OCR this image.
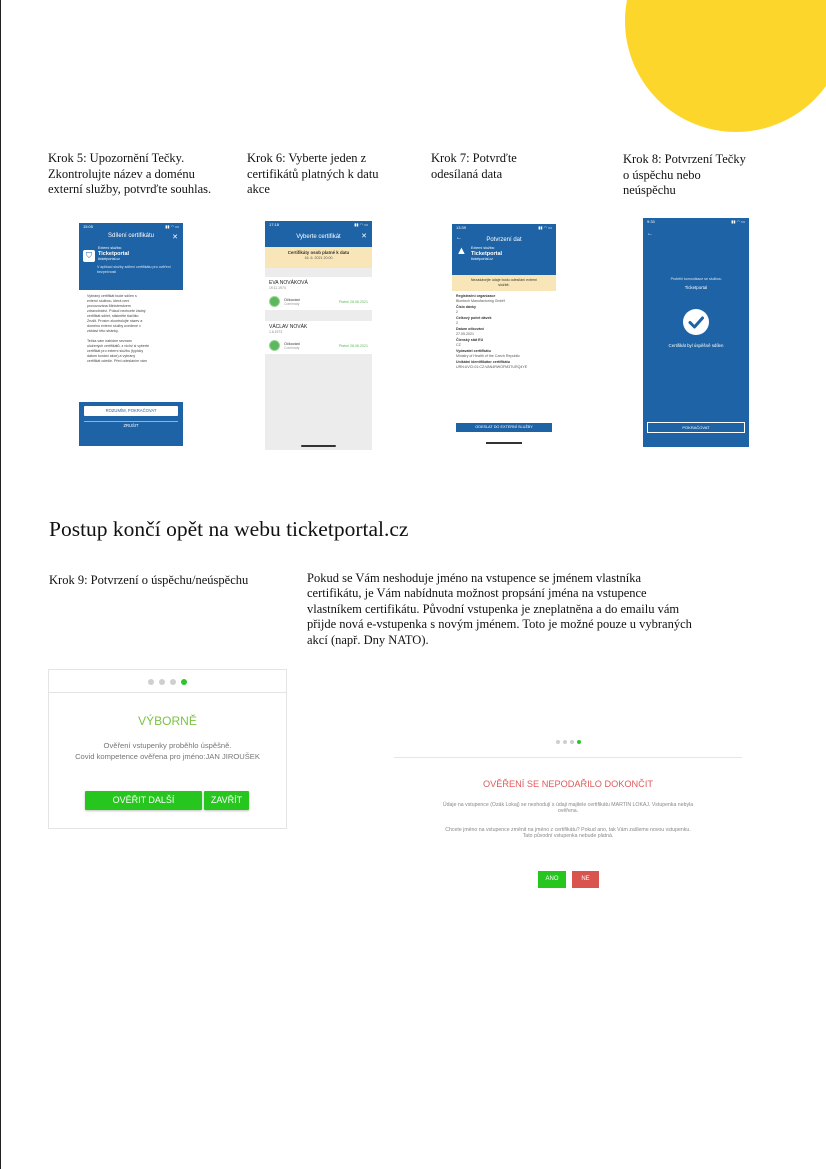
Krok 5: Upozornění Tečky.
Zkontrolujte název a doménu
externí služby, potvrďte souhlas.
Krok 6: Vyberte jeden z
certifikátů platných k datu
akce
Krok 7: Potvrďte
odesílaná data
Krok 8: Potvrzení Tečky
o úspěchu nebo
neúspěchu
15:05	▮▮ ◠ ▭
Sdílení certifikátu	✕
⛉
Externí služba:
Ticketportal
ticketportal.cz
V aplikaci služby sdílení certifikátu pro ověření bezpečnosti
Vybraný certifikát bude sdílen s
externí službou, která není
provozována Ministerstvem
zdravotnictví. Pokud nechcete žádný
certifikát sdílet, stiskněte tlačítko
Zrušit. Prosím zkontrolujte název a
doménu externí služby uvedené v
záhlaví této stránky.
Tečka vám nabídne seznam
uložených certifikátů, z nichž si vyberte
certifikát pro externí službu (typicky
datum konání akce) a vybraný
certifikát odešle. Před odesláním vám
ROZUMÍM, POKRAČOVAT
ZRUŠIT
17:18	▮▮ ◠ ▭
Vyberte certifikát	✕
Certifikáty osob platné k datu
16. 6. 2021 20:00
EVA NOVÁKOVÁ
19.11.1974
Očkování
Comirnaty	Platné 28.06.2021
VÁCLAV NOVÁK
1.6.1973
Očkování
Comirnaty	Platné 28.06.2021
13:39	▮▮ ◠ ▭
←	Potvrzení dat
▲	Externí služba:
Ticketportal
ticketportal.cz
Nezadávejte údaje bodu odesílání externí
službě.
Registrační organizace
Biontech Manufacturing GmbH
Číslo dávky
2
Celkový počet dávek
2
Datum očkování
27.05.2021
Členský stát EU
CZ
Vydavatel certifikátu
Ministry of Health of the Czech Republic
Unikátní identifikátor certifikátu
URN:UVCI:01:CZ:VAN4RWOFM3TURQ4YE
ODESLAT DO EXTERNÍ SLUŽBY
9:33	▮▮ ◠ ▭
←
Proběhl komunikace se službou
Ticketportal
Certifikát byl úspěšně sdílen
POKRAČOVAT
Postup končí opět na webu ticketportal.cz
Krok 9: Potvrzení o úspěchu/neúspěchu	Pokud se Vám neshoduje jméno na vstupence se jménem vlastníka
certifikátu, je Vám nabídnuta možnost propsání jména na vstupence
vlastníkem certifikátu. Původní vstupenka je zneplatněna a do emailu vám
přijde nová e-vstupenka s novým jménem. Toto je možné pouze u vybraných
akcí (např. Dny NATO).
VÝBORNĚ
Ověření vstupenky proběhlo úspěšně.
Covid kompetence ověřena pro jméno:JAN JIROUŠEK
OVĚŘIT DALŠÍ VSTUPENKU
ZAVŘÍT
OVĚŘENÍ SE NEPODAŘILO DOKONČIT
Údaje na vstupence (Ozák Lokaj) se neshodují s údaji majitele certifikátu MARTIN LOKAJ. Vstupenka nebyla
ověřena.
Chcete jméno na vstupence změnit na jméno z certifikátu? Pokud ano, tak Vám zašleme novou vstupenku.
Tato původní vstupenka nebude platná.
ANO	NE
